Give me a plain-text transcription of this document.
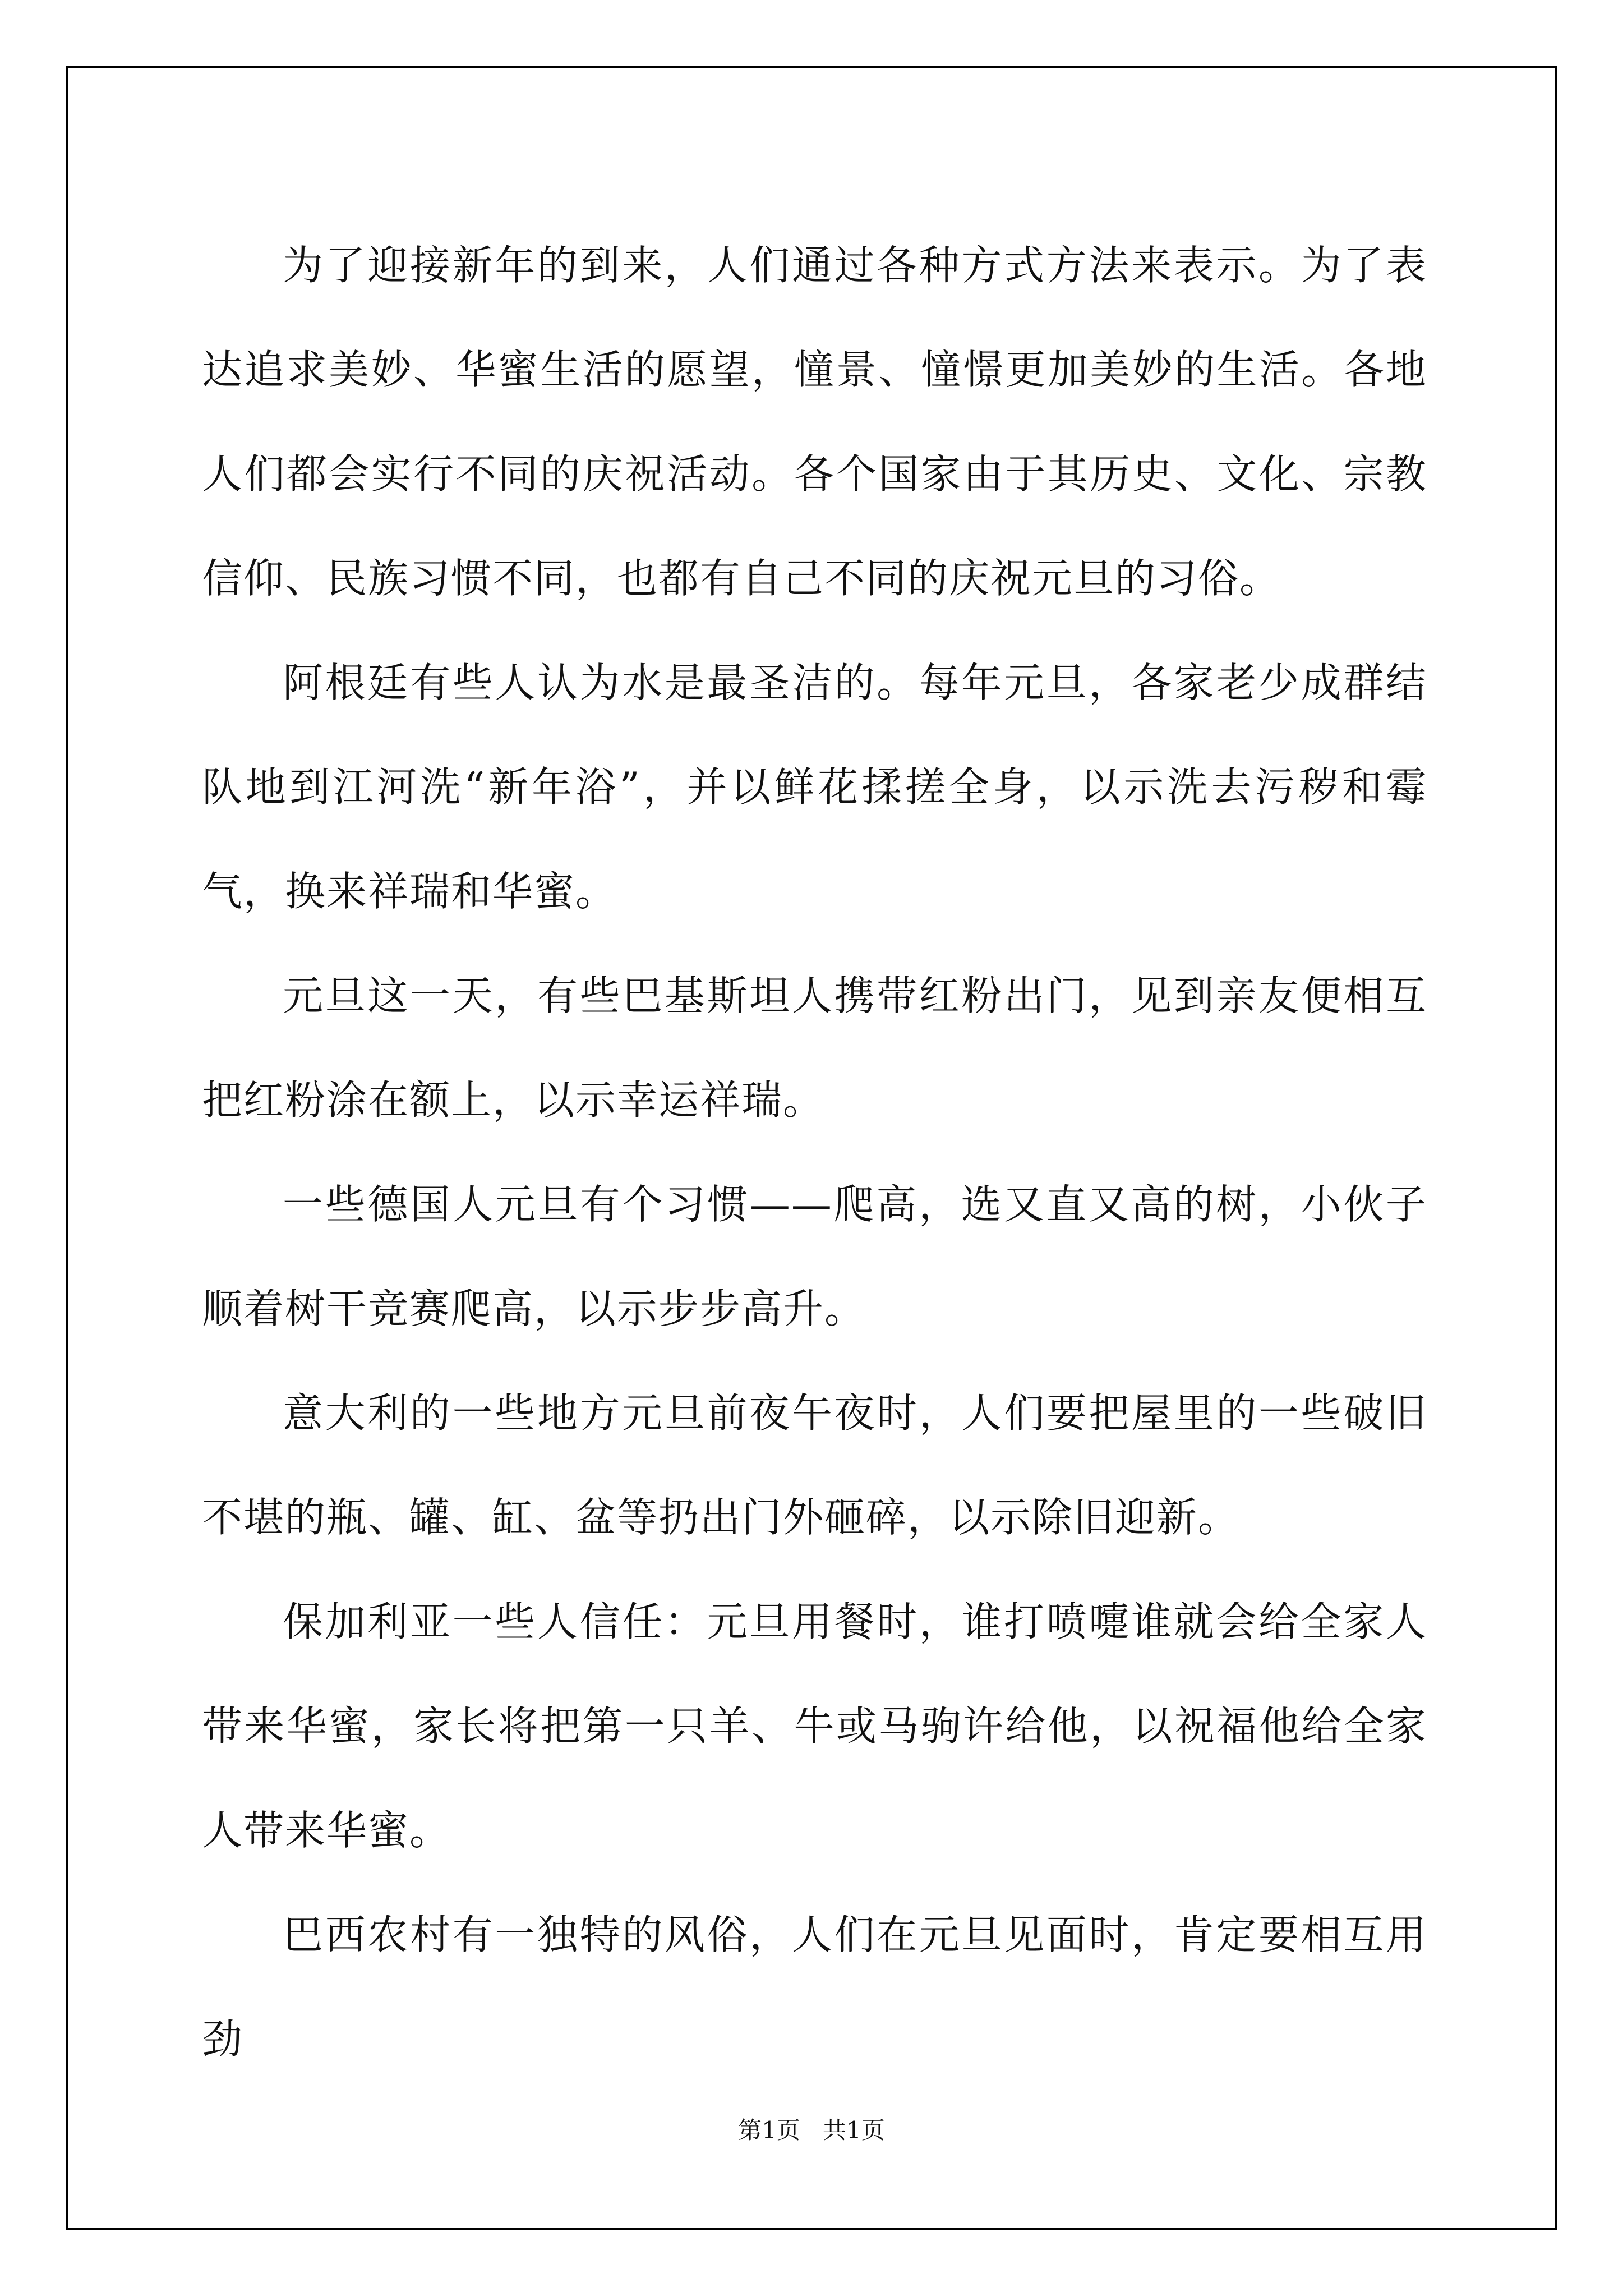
为了迎接新年的到来，人们通过各种方式方法来表示。为了表达追求美妙、华蜜生活的愿望，憧景、憧憬更加美妙的生活。各地人们都会实行不同的庆祝活动。各个国家由于其历史、文化、宗教信仰、民族习惯不同，也都有自己不同的庆祝元旦的习俗。

阿根廷有些人认为水是最圣洁的。每年元旦，各家老少成群结队地到江河洗“新年浴”，并以鲜花揉搓全身，以示洗去污秽和霉气，换来祥瑞和华蜜。

元旦这一天，有些巴基斯坦人携带红粉出门，见到亲友便相互把红粉涂在额上，以示幸运祥瑞。

一些德国人元旦有个习惯——爬高，选又直又高的树，小伙子顺着树干竞赛爬高，以示步步高升。

意大利的一些地方元旦前夜午夜时，人们要把屋里的一些破旧不堪的瓶、罐、缸、盆等扔出门外砸碎，以示除旧迎新。

保加利亚一些人信任：元旦用餐时，谁打喷嚏谁就会给全家人带来华蜜，家长将把第一只羊、牛或马驹许给他，以祝福他给全家人带来华蜜。

巴西农村有一独特的风俗，人们在元旦见面时，肯定要相互用劲

第1页 共1页
